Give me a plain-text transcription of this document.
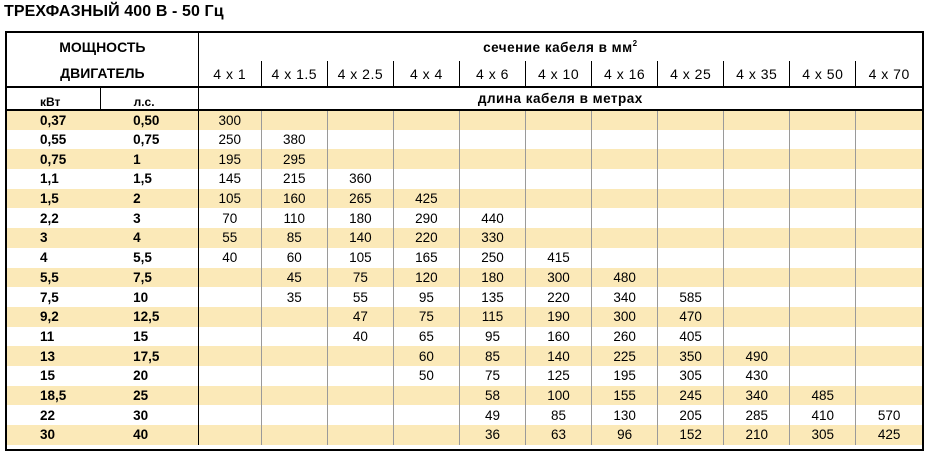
ТРЕХФАЗНЫЙ 400 В - 50 Гц
МОЩНОСТЬ
ДВИГАТЕЛЬ		сечение кабеля в $мм^2$
		4 x 1	4 x 1.5	4 x 2.5	4 x 4	4 x 6	4 x 10	4 x 16	4 x 25	4 x 35	4 x 50	4 x 70
кВт	л.с.	длина кабеля в метрах										
0,37	0,50	300										
0,55	0,75	250	380									
0,75	1	195	295									
1,1	1,5	145	215	360								
1,5	2	105	160	265	425							
2,2	3	70	110	180	290	440						
3	4	55	85	140	220	330						
4	5,5	40	60	105	165	250	415					
5,5	7,5		45	75	120	180	300	480				
7,5	10		35	55	95	135	220	340	585			
9,2	12,5			47	75	115	190	300	470			
11	15			40	65	95	160	260	405			
13	17,5				60	85	140	225	350	490		
15	20				50	75	125	195	305	430		
18,5	25					58	100	155	245	340	485	
22	30					49	85	130	205	285	410	570
30	40					36	63	96	152	210	305	425
